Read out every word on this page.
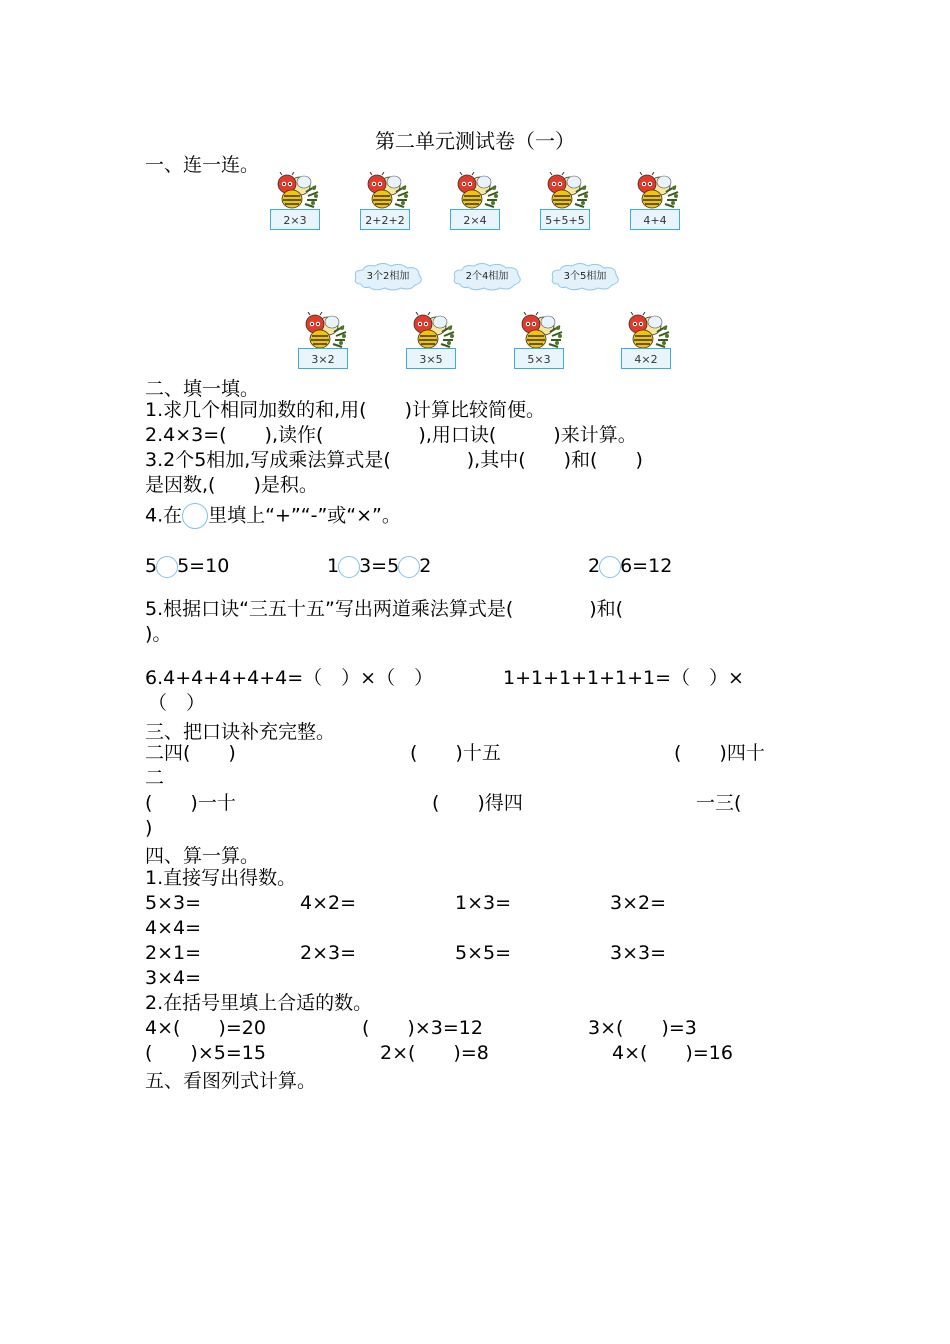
第二单元测试卷（一）
一、连一连。
2×3	2+2+2	2×4	5+5+5	4+4
3个2相加	2个4相加	3个5相加
3×2	3×5	5×3	4×2
二、填一填。
1.求几个相同加数的和,用(　　)计算比较简便。
2.4×3=(　　),读作(　　　　　),用口诀(　　　)来计算。
3.2个5相加,写成乘法算式是(　　　　),其中(　　)和(　　)
是因数,(　　)是积。
4.在 里填上“+”“-”或“×”。
5 5=10	1 3=5 2	2 6=12
5.根据口诀“三五十五”写出两道乘法算式是(　　　　)和(
)。
6.4+4+4+4+4=（　）×（　）	1+1+1+1+1+1=（　）×
（　）
三、把口诀补充完整。
二四(　　)	(　　)十五	(　　)四十
二
(　　)一十	(　　)得四	一三(
)
四、算一算。
1.直接写出得数。
5×3=	4×2=	1×3=	3×2=
4×4=
2×1=	2×3=	5×5=	3×3=
3×4=
2.在括号里填上合适的数。
4×(　　)=20	(　　)×3=12	3×(　　)=3
(　　)×5=15	2×(　　)=8	4×(　　)=16
五、看图列式计算。
